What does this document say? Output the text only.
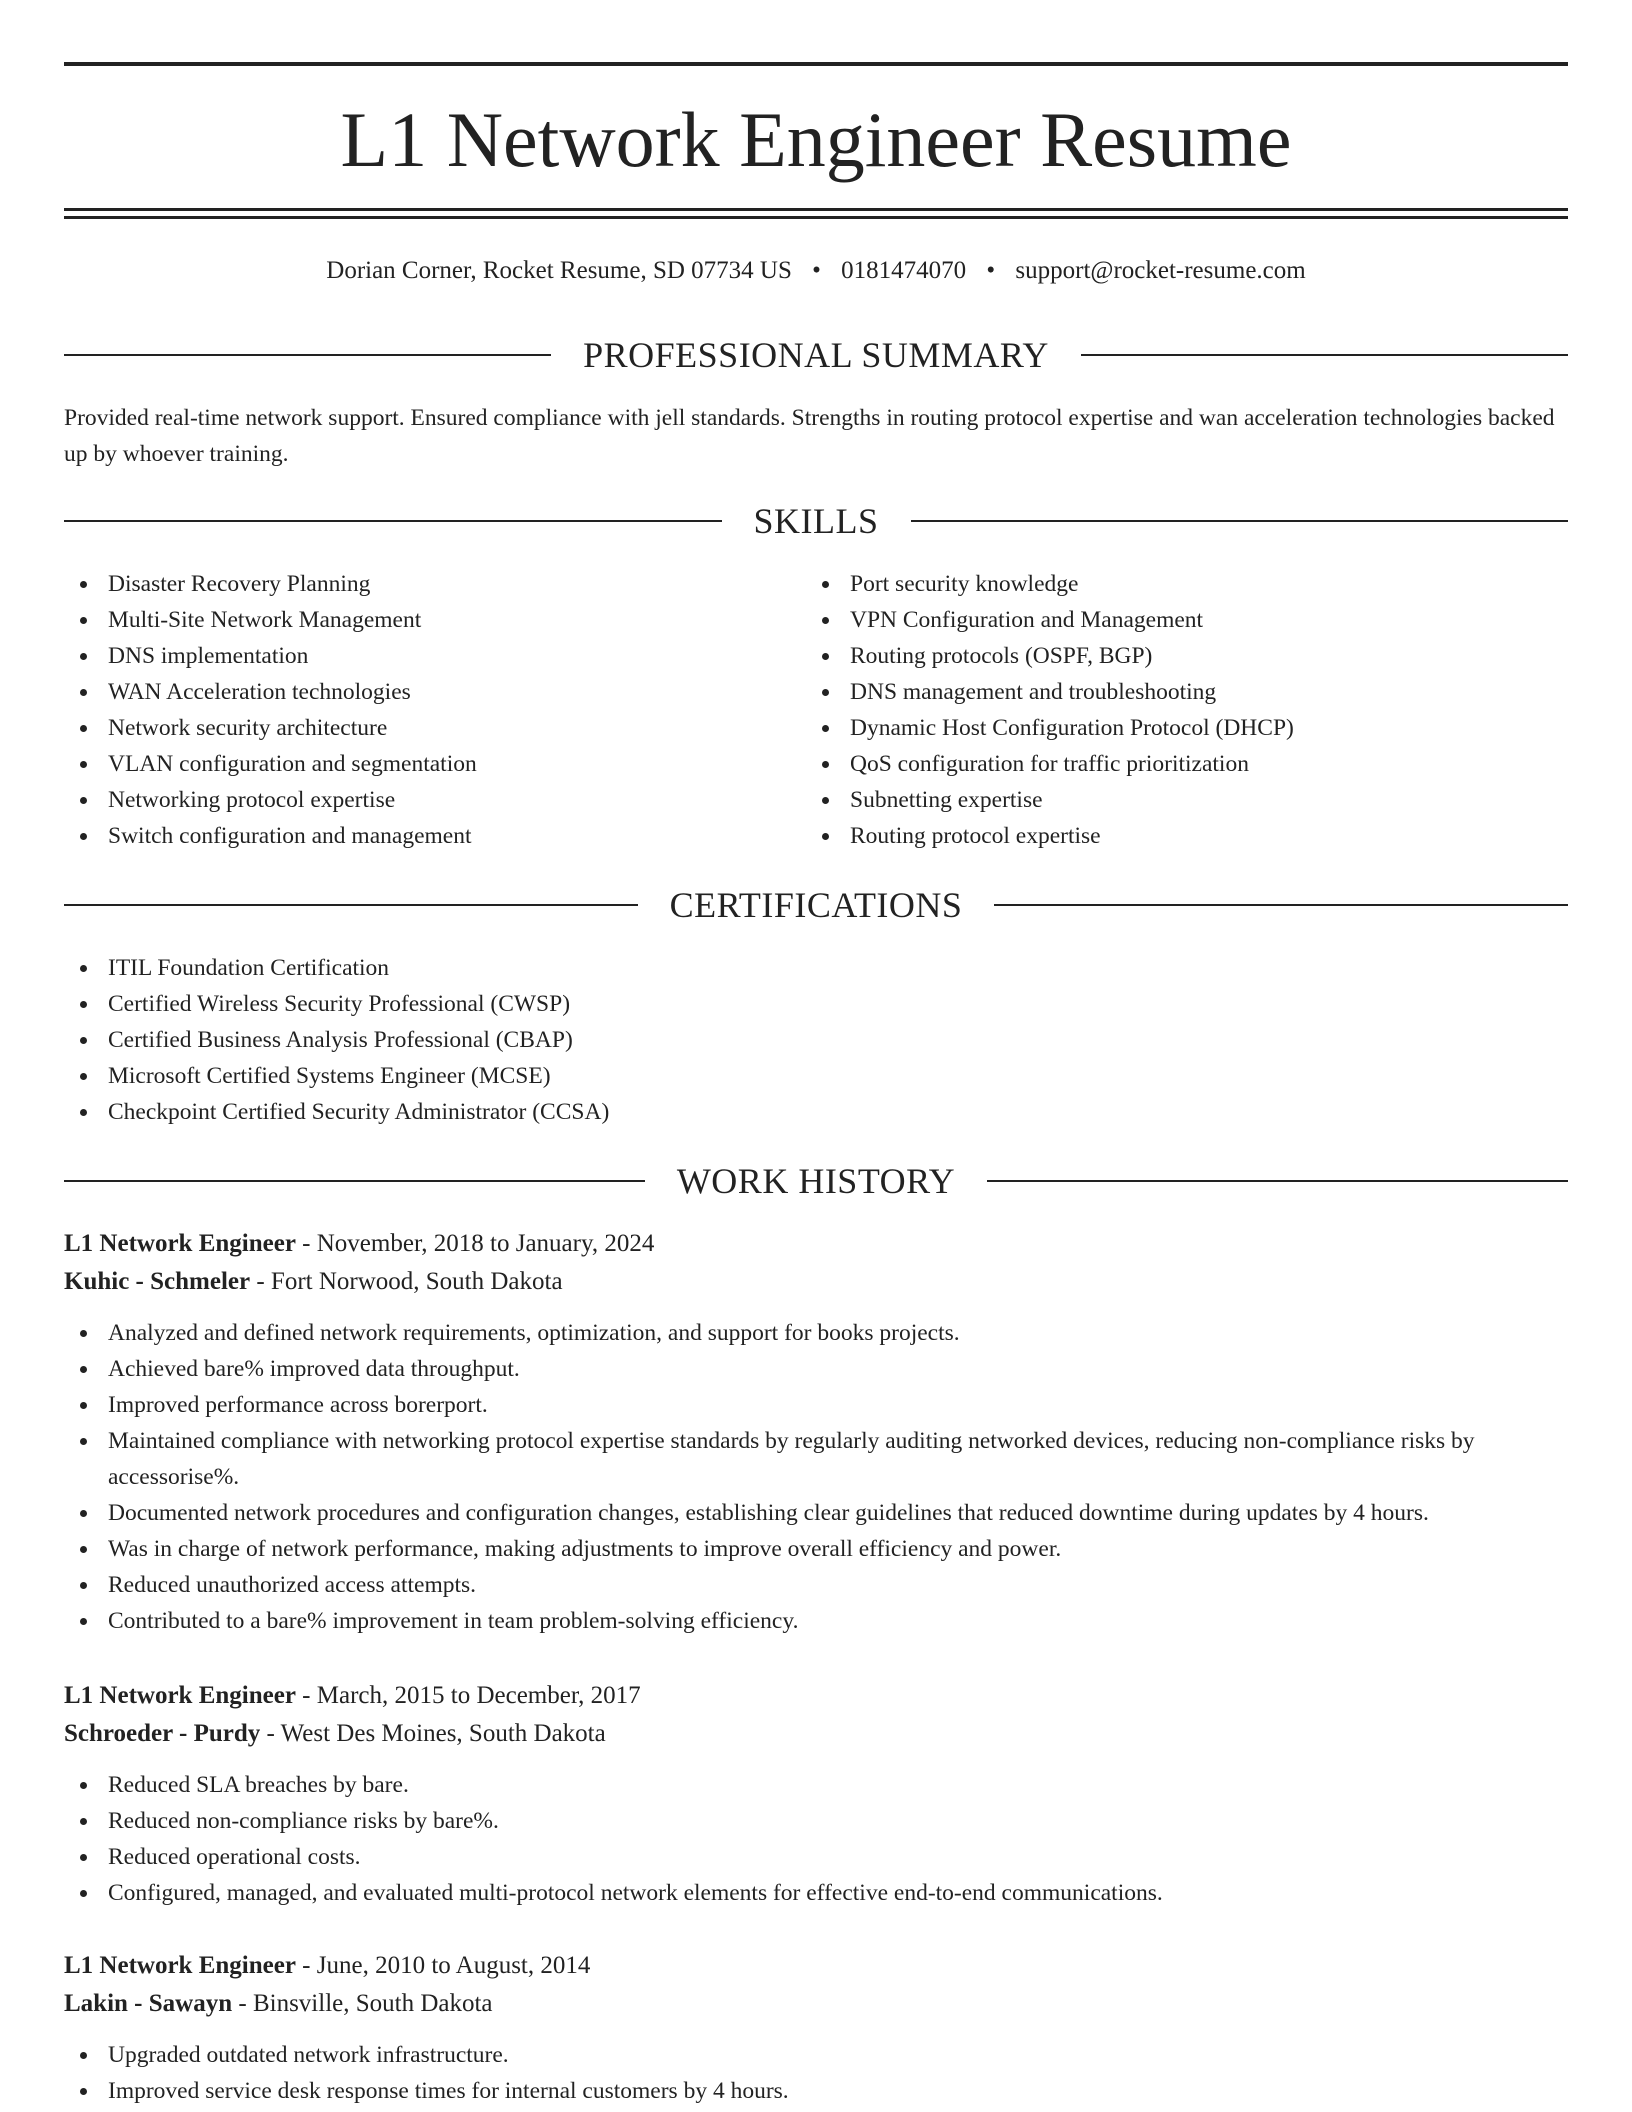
L1 Network Engineer Resume
Dorian Corner, Rocket Resume, SD 07734 US • 0181474070 • support@rocket-resume.com
PROFESSIONAL SUMMARY

Provided real-time network support. Ensured compliance with jell standards. Strengths in routing protocol expertise and wan acceleration technologies backed up by whoever training.

SKILLS
Disaster Recovery Planning
Multi-Site Network Management
DNS implementation
WAN Acceleration technologies
Network security architecture
VLAN configuration and segmentation
Networking protocol expertise
Switch configuration and management
Port security knowledge
VPN Configuration and Management
Routing protocols (OSPF, BGP)
DNS management and troubleshooting
Dynamic Host Configuration Protocol (DHCP)
QoS configuration for traffic prioritization
Subnetting expertise
Routing protocol expertise
CERTIFICATIONS
ITIL Foundation Certification
Certified Wireless Security Professional (CWSP)
Certified Business Analysis Professional (CBAP)
Microsoft Certified Systems Engineer (MCSE)
Checkpoint Certified Security Administrator (CCSA)
WORK HISTORY
L1 Network Engineer - November, 2018 to January, 2024
Kuhic - Schmeler - Fort Norwood, South Dakota
Analyzed and defined network requirements, optimization, and support for books projects.
Achieved bare% improved data throughput.
Improved performance across borerport.
Maintained compliance with networking protocol expertise standards by regularly auditing networked devices, reducing non-compliance risks by accessorise%.
Documented network procedures and configuration changes, establishing clear guidelines that reduced downtime during updates by 4 hours.
Was in charge of network performance, making adjustments to improve overall efficiency and power.
Reduced unauthorized access attempts.
Contributed to a bare% improvement in team problem-solving efficiency.
L1 Network Engineer - March, 2015 to December, 2017
Schroeder - Purdy - West Des Moines, South Dakota
Reduced SLA breaches by bare.
Reduced non-compliance risks by bare%.
Reduced operational costs.
Configured, managed, and evaluated multi-protocol network elements for effective end-to-end communications.
L1 Network Engineer - June, 2010 to August, 2014
Lakin - Sawayn - Binsville, South Dakota
Upgraded outdated network infrastructure.
Improved service desk response times for internal customers by 4 hours.
